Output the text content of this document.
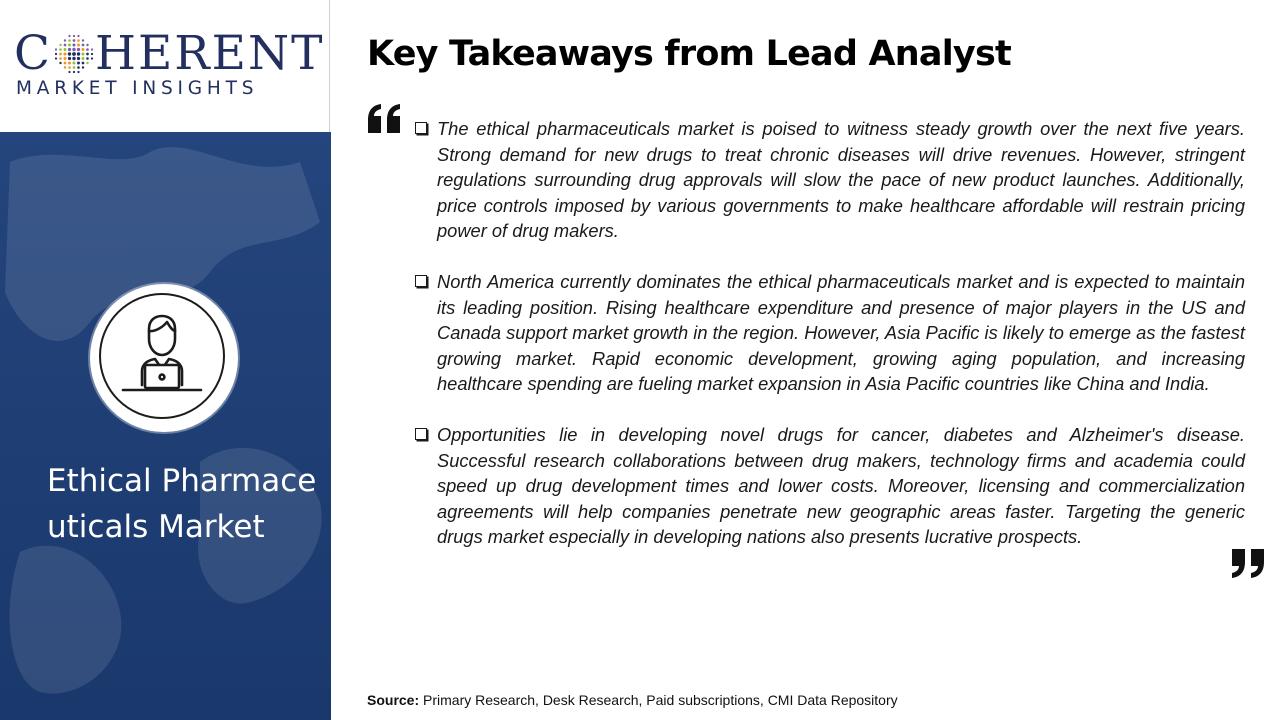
C HERENT
MARKET INSIGHTS
Ethical Pharmaceuticals Market
Key Takeaways from Lead Analyst
The ethical pharmaceuticals market is poised to witness steady growth over the next five years. Strong demand for new drugs to treat chronic diseases will drive revenues. However, stringent regulations surrounding drug approvals will slow the pace of new product launches. Additionally, price controls imposed by various governments to make healthcare affordable will restrain pricing power of drug makers.
North America currently dominates the ethical pharmaceuticals market and is expected to maintain its leading position. Rising healthcare expenditure and presence of major players in the US and Canada support market growth in the region. However, Asia Pacific is likely to emerge as the fastest growing market. Rapid economic development, growing aging population, and increasing healthcare spending are fueling market expansion in Asia Pacific countries like China and India.
Opportunities lie in developing novel drugs for cancer, diabetes and Alzheimer's disease. Successful research collaborations between drug makers, technology firms and academia could speed up drug development times and lower costs. Moreover, licensing and commercialization agreements will help companies penetrate new geographic areas faster. Targeting the generic drugs market especially in developing nations also presents lucrative prospects.
Source: Primary Research, Desk Research, Paid subscriptions, CMI Data Repository
